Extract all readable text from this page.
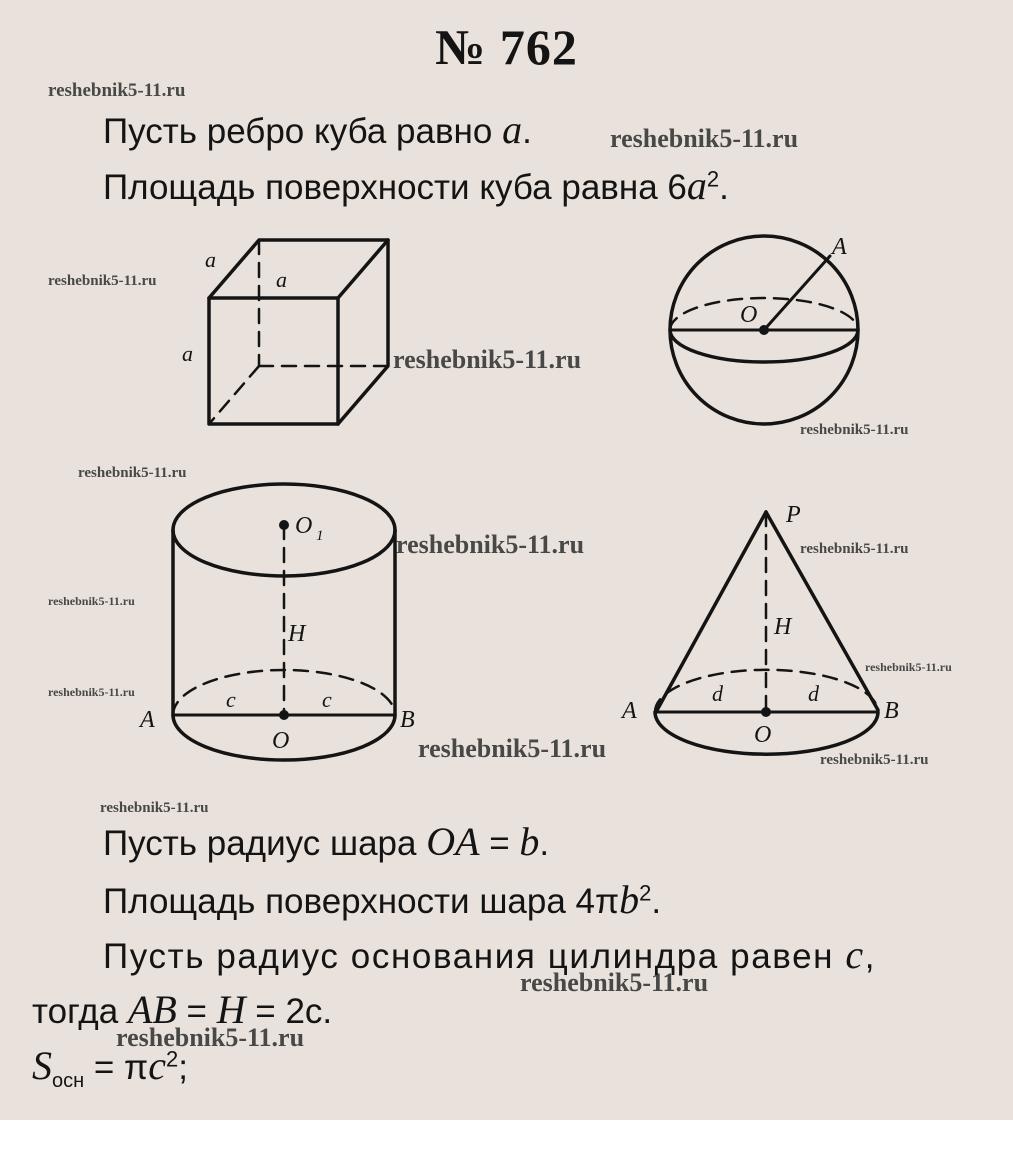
№ 762
reshebnik5-11.ru
reshebnik5-11.ru
reshebnik5-11.ru
reshebnik5-11.ru
reshebnik5-11.ru
reshebnik5-11.ru
reshebnik5-11.ru	reshebnik5-11.ru
reshebnik5-11.ru
reshebnik5-11.ru
reshebnik5-11.ru
reshebnik5-11.ru	reshebnik5-11.ru
reshebnik5-11.ru
reshebnik5-11.ru
reshebnik5-11.ru
Пусть ребро куба равно a.
Площадь поверхности куба равна $6a^2$.
Пусть радиус шара OA = b.
Площадь поверхности шара $4\pi b^2$.
Пусть радиус основания цилиндра равен c,
тогда AB = H = 2c.
$S_{осн} = \pi c^2$;
a
a
a
A
O
O 1
H
c	c
A	B
O
P
H
d	d
A	B
O
